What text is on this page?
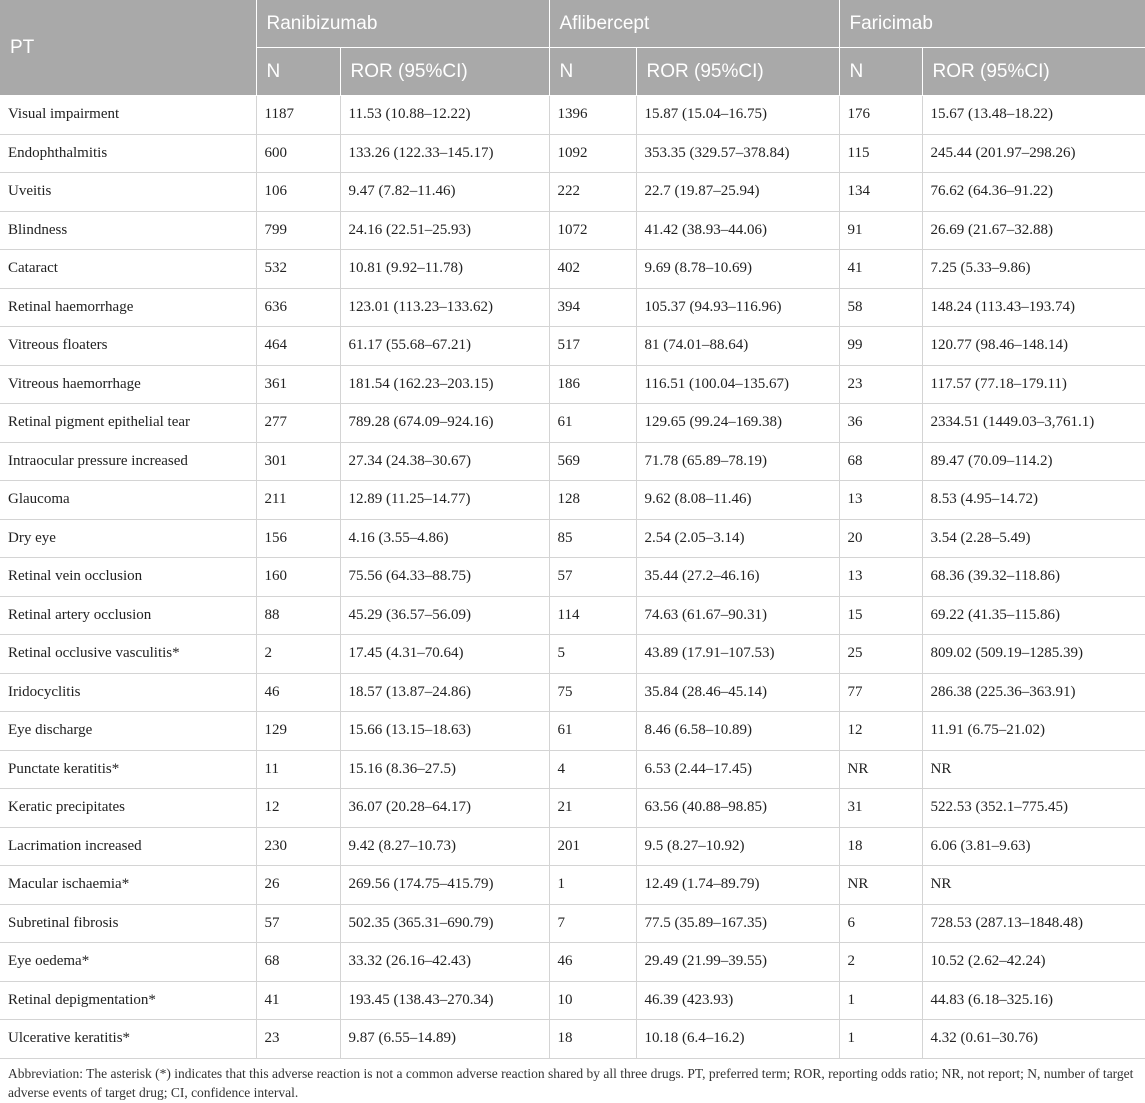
PT	Ranibizumab		Aflibercept		Faricimab	
	N	ROR (95%CI)	N	ROR (95%CI)	N	ROR (95%CI)
Visual impairment	1187	11.53 (10.88–12.22)	1396	15.87 (15.04–16.75)	176	15.67 (13.48–18.22)
Endophthalmitis	600	133.26 (122.33–145.17)	1092	353.35 (329.57–378.84)	115	245.44 (201.97–298.26)
Uveitis	106	9.47 (7.82–11.46)	222	22.7 (19.87–25.94)	134	76.62 (64.36–91.22)
Blindness	799	24.16 (22.51–25.93)	1072	41.42 (38.93–44.06)	91	26.69 (21.67–32.88)
Cataract	532	10.81 (9.92–11.78)	402	9.69 (8.78–10.69)	41	7.25 (5.33–9.86)
Retinal haemorrhage	636	123.01 (113.23–133.62)	394	105.37 (94.93–116.96)	58	148.24 (113.43–193.74)
Vitreous floaters	464	61.17 (55.68–67.21)	517	81 (74.01–88.64)	99	120.77 (98.46–148.14)
Vitreous haemorrhage	361	181.54 (162.23–203.15)	186	116.51 (100.04–135.67)	23	117.57 (77.18–179.11)
Retinal pigment epithelial tear	277	789.28 (674.09–924.16)	61	129.65 (99.24–169.38)	36	2334.51 (1449.03–3,761.1)
Intraocular pressure increased	301	27.34 (24.38–30.67)	569	71.78 (65.89–78.19)	68	89.47 (70.09–114.2)
Glaucoma	211	12.89 (11.25–14.77)	128	9.62 (8.08–11.46)	13	8.53 (4.95–14.72)
Dry eye	156	4.16 (3.55–4.86)	85	2.54 (2.05–3.14)	20	3.54 (2.28–5.49)
Retinal vein occlusion	160	75.56 (64.33–88.75)	57	35.44 (27.2–46.16)	13	68.36 (39.32–118.86)
Retinal artery occlusion	88	45.29 (36.57–56.09)	114	74.63 (61.67–90.31)	15	69.22 (41.35–115.86)
Retinal occlusive vasculitis*	2	17.45 (4.31–70.64)	5	43.89 (17.91–107.53)	25	809.02 (509.19–1285.39)
Iridocyclitis	46	18.57 (13.87–24.86)	75	35.84 (28.46–45.14)	77	286.38 (225.36–363.91)
Eye discharge	129	15.66 (13.15–18.63)	61	8.46 (6.58–10.89)	12	11.91 (6.75–21.02)
Punctate keratitis*	11	15.16 (8.36–27.5)	4	6.53 (2.44–17.45)	NR	NR
Keratic precipitates	12	36.07 (20.28–64.17)	21	63.56 (40.88–98.85)	31	522.53 (352.1–775.45)
Lacrimation increased	230	9.42 (8.27–10.73)	201	9.5 (8.27–10.92)	18	6.06 (3.81–9.63)
Macular ischaemia*	26	269.56 (174.75–415.79)	1	12.49 (1.74–89.79)	NR	NR
Subretinal fibrosis	57	502.35 (365.31–690.79)	7	77.5 (35.89–167.35)	6	728.53 (287.13–1848.48)
Eye oedema*	68	33.32 (26.16–42.43)	46	29.49 (21.99–39.55)	2	10.52 (2.62–42.24)
Retinal depigmentation*	41	193.45 (138.43–270.34)	10	46.39 (423.93)	1	44.83 (6.18–325.16)
Ulcerative keratitis*	23	9.87 (6.55–14.89)	18	10.18 (6.4–16.2)	1	4.32 (0.61–30.76)

Abbreviation: The asterisk (*) indicates that this adverse reaction is not a common adverse reaction shared by all three drugs. PT, preferred term; ROR, reporting odds ratio; NR, not report; N, number of target adverse events of target drug; CI, confidence interval.
